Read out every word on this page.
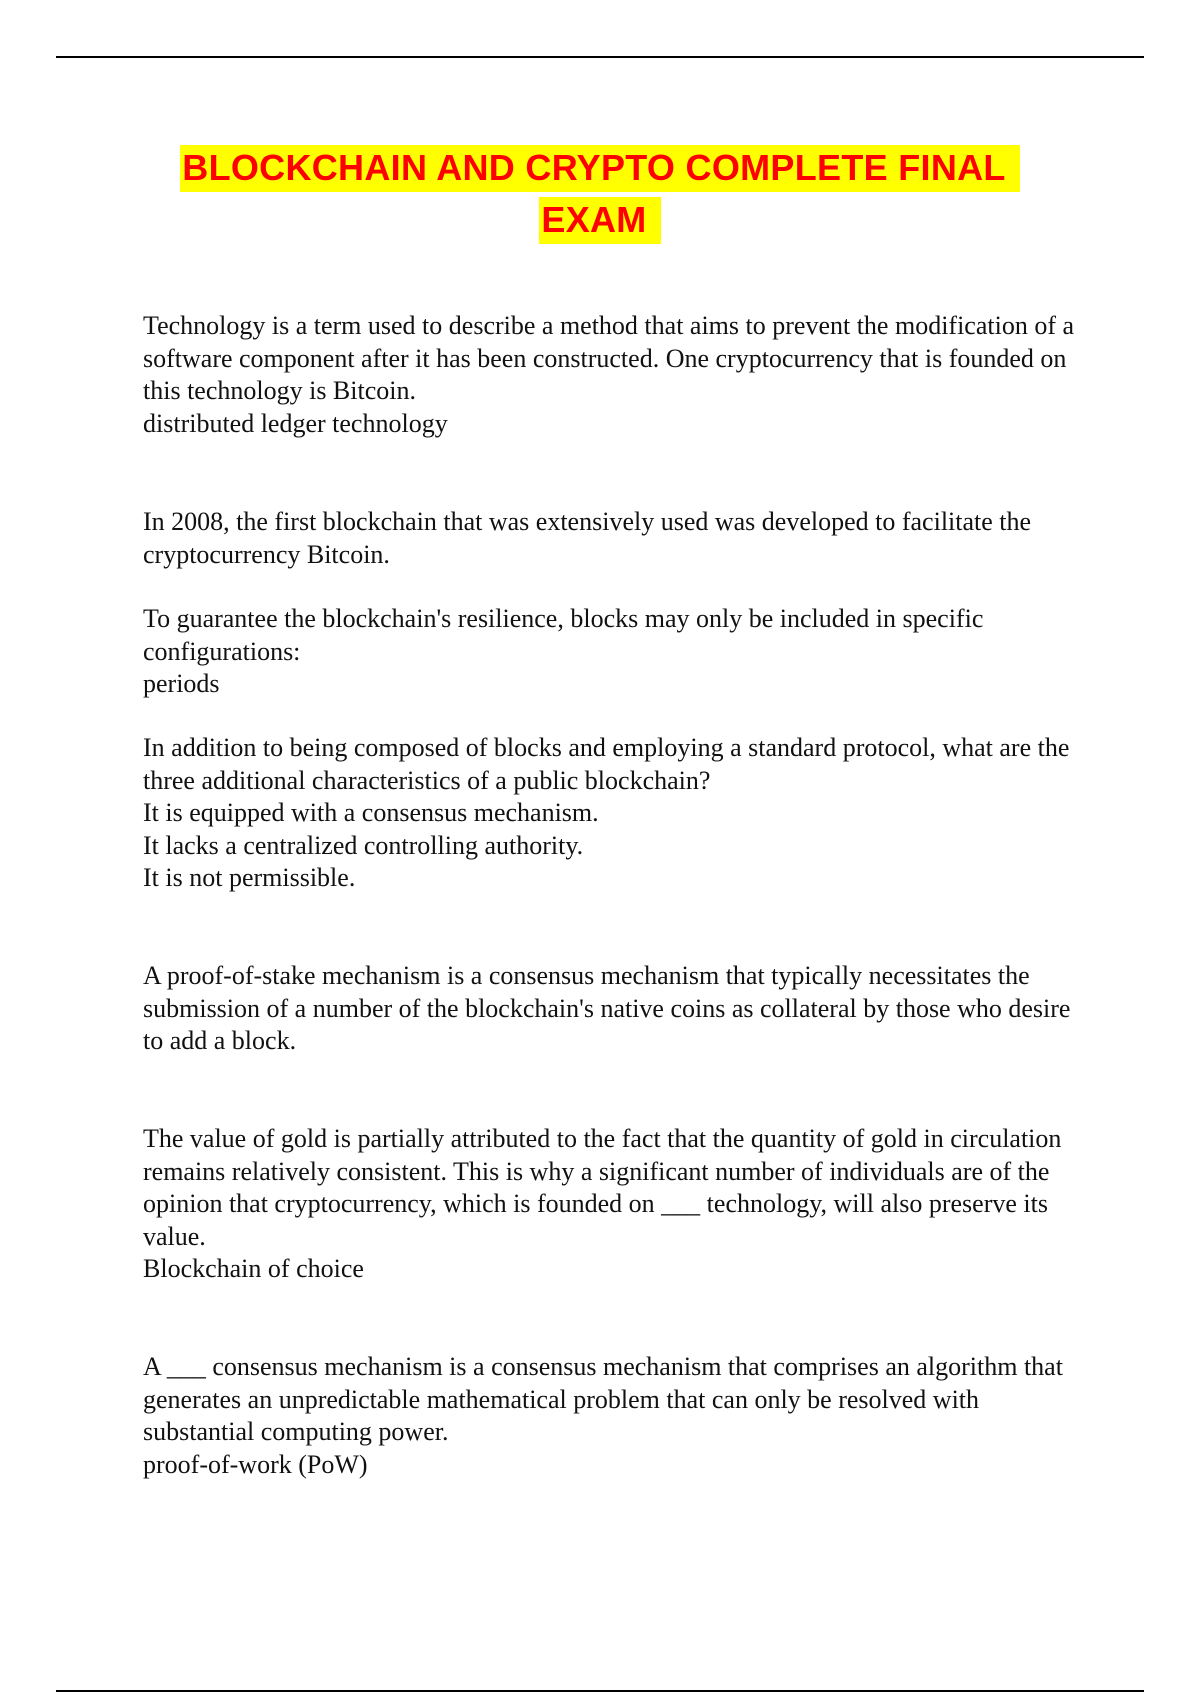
BLOCKCHAIN AND CRYPTO COMPLETE FINAL
EXAM

Technology is a term used to describe a method that aims to prevent the modification of a software component after it has been constructed. One cryptocurrency that is founded on this technology is Bitcoin.

distributed ledger technology

In 2008, the first blockchain that was extensively used was developed to facilitate the cryptocurrency Bitcoin.

To guarantee the blockchain's resilience, blocks may only be included in specific configurations:

periods

In addition to being composed of blocks and employing a standard protocol, what are the three additional characteristics of a public blockchain?

It is equipped with a consensus mechanism.

It lacks a centralized controlling authority.

It is not permissible.

A proof-of-stake mechanism is a consensus mechanism that typically necessitates the submission of a number of the blockchain's native coins as collateral by those who desire to add a block.

The value of gold is partially attributed to the fact that the quantity of gold in circulation remains relatively consistent. This is why a significant number of individuals are of the opinion that cryptocurrency, which is founded on ___ technology, will also preserve its value.

Blockchain of choice

A ___ consensus mechanism is a consensus mechanism that comprises an algorithm that generates an unpredictable mathematical problem that can only be resolved with substantial computing power.

proof-of-work (PoW)
